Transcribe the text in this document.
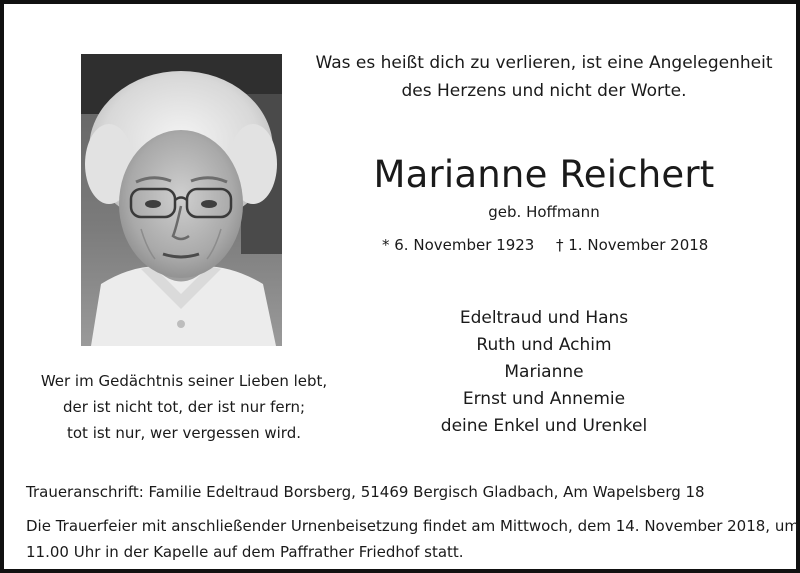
Was es heißt dich zu verlieren, ist eine Angelegenheit
des Herzens und nicht der Worte.
Marianne Reichert
geb. Hoffmann
* 6. November 1923 † 1. November 2018
Edeltraud und Hans
Ruth und Achim
Marianne
Ernst und Annemie
deine Enkel und Urenkel
Wer im Gedächtnis seiner Lieben lebt,
der ist nicht tot, der ist nur fern;
tot ist nur, wer vergessen wird.
Traueranschrift: Familie Edeltraud Borsberg, 51469 Bergisch Gladbach, Am Wapelsberg 18
Die Trauerfeier mit anschließender Urnenbeisetzung findet am Mittwoch, dem 14. November 2018, um
11.00 Uhr in der Kapelle auf dem Paffrather Friedhof statt.
